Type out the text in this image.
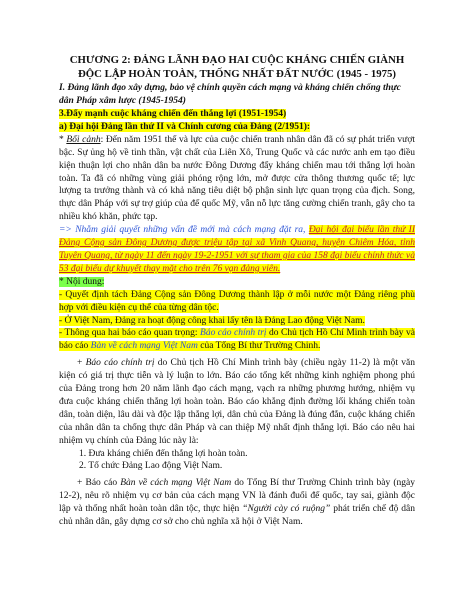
CHƯƠNG 2: ĐẢNG LÃNH ĐẠO HAI CUỘC KHÁNG CHIẾN GIÀNH
ĐỘC LẬP HOÀN TOÀN, THỐNG NHẤT ĐẤT NƯỚC (1945 - 1975)

I. Đảng lãnh đạo xây dựng, bảo vệ chính quyền cách mạng và kháng chiến chống thực dân Pháp xâm lược (1945-1954)

3.Đẩy mạnh cuộc kháng chiến đến thắng lợi (1951-1954)

a) Đại hội Đảng lần thứ II và Chính cương của Đảng (2/1951):

* Bối cảnh: Đến năm 1951 thế và lực của cuộc chiến tranh nhân dân đã có sự phát triển vượt bậc. Sự ủng hộ về tinh thần, vật chất của Liên Xô, Trung Quốc và các nước anh em tạo điều kiện thuận lợi cho nhân dân ba nước Đông Dương đẩy kháng chiến mau tới thắng lợi hoàn toàn. Ta đã có những vùng giải phóng rộng lớn, mở được cửa thông thương quốc tế; lực lượng ta trưởng thành và có khả năng tiêu diệt bộ phận sinh lực quan trọng của địch. Song, thực dân Pháp với sự trợ giúp của đế quốc Mỹ, vẫn nỗ lực tăng cường chiến tranh, gây cho ta nhiều khó khăn, phức tạp.

=> Nhằm giải quyết những vấn đề mới mà cách mạng đặt ra, Đại hội đại biểu lần thứ II Đảng Cộng sản Đông Dương được triệu tập tại xã Vinh Quang, huyện Chiêm Hóa, tỉnh Tuyên Quang, từ ngày 11 đến ngày 19-2-1951 với sự tham gia của 158 đại biểu chính thức và 53 đại biểu dự khuyết thay mặt cho trên 76 vạn đảng viên.

* Nội dung:

- Quyết định tách Đảng Cộng sản Đông Dương thành lập ở mỗi nước một Đảng riêng phù hợp với điều kiện cụ thể của từng dân tộc.

- Ở Việt Nam, Đảng ra hoạt động công khai lấy tên là Đảng Lao động Việt Nam.

- Thông qua hai báo cáo quan trọng: Báo cáo chính trị do Chủ tịch Hồ Chí Minh trình bày và báo cáo Bàn về cách mạng Việt Nam của Tổng Bí thư Trường Chinh.

+ Báo cáo chính trị do Chủ tịch Hồ Chí Minh trình bày (chiều ngày 11-2) là một văn kiện có giá trị thực tiễn và lý luận to lớn. Báo cáo tổng kết những kinh nghiệm phong phú của Đảng trong hơn 20 năm lãnh đạo cách mạng, vạch ra những phương hướng, nhiệm vụ đưa cuộc kháng chiến thắng lợi hoàn toàn. Báo cáo khẳng định đường lối kháng chiến toàn dân, toàn diện, lâu dài và độc lập thắng lợi, dân chủ của Đảng là đúng đắn, cuộc kháng chiến của nhân dân ta chống thực dân Pháp và can thiệp Mỹ nhất định thắng lợi. Báo cáo nêu hai nhiệm vụ chính của Đảng lúc này là:

1. Đưa kháng chiến đến thắng lợi hoàn toàn.
2. Tổ chức Đảng Lao động Việt Nam.

+ Báo cáo Bàn về cách mạng Việt Nam do Tổng Bí thư Trường Chinh trình bày (ngày 12-2), nêu rõ nhiệm vụ cơ bản của cách mạng VN là đánh đuổi đế quốc, tay sai, giành độc lập và thống nhất hoàn toàn dân tộc, thực hiện “Người cày có ruộng” phát triển chế độ dân chủ nhân dân, gây dựng cơ sở cho chủ nghĩa xã hội ở Việt Nam.
